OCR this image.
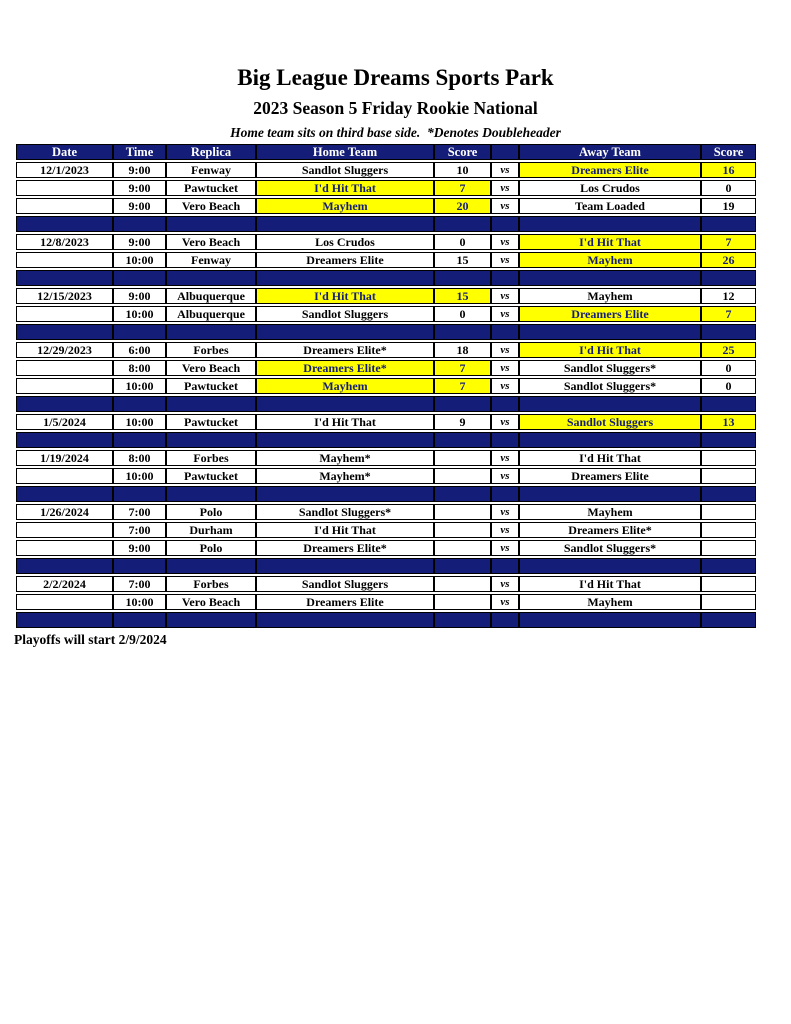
Big League Dreams Sports Park
2023 Season 5 Friday Rookie National
Home team sits on third base side.  *Denotes Doubleheader
Date	Time	Replica	Home Team	Score		Away Team	Score
12/1/2023	9:00	Fenway	Sandlot Sluggers	10	vs	Dreamers Elite	16
	9:00	Pawtucket	I'd Hit That	7	vs	Los Crudos	0
	9:00	Vero Beach	Mayhem	20	vs	Team Loaded	19

12/8/2023	9:00	Vero Beach	Los Crudos	0	vs	I'd Hit That	7
	10:00	Fenway	Dreamers Elite	15	vs	Mayhem	26

12/15/2023	9:00	Albuquerque	I'd Hit That	15	vs	Mayhem	12
	10:00	Albuquerque	Sandlot Sluggers	0	vs	Dreamers Elite	7

12/29/2023	6:00	Forbes	Dreamers Elite*	18	vs	I'd Hit That	25
	8:00	Vero Beach	Dreamers Elite*	7	vs	Sandlot Sluggers*	0
	10:00	Pawtucket	Mayhem	7	vs	Sandlot Sluggers*	0

1/5/2024	10:00	Pawtucket	I'd Hit That	9	vs	Sandlot Sluggers	13

1/19/2024	8:00	Forbes	Mayhem*		vs	I'd Hit That	
	10:00	Pawtucket	Mayhem*		vs	Dreamers Elite	

1/26/2024	7:00	Polo	Sandlot Sluggers*		vs	Mayhem	
	7:00	Durham	I'd Hit That		vs	Dreamers Elite*	
	9:00	Polo	Dreamers Elite*		vs	Sandlot Sluggers*	

2/2/2024	7:00	Forbes	Sandlot Sluggers		vs	I'd Hit That	
	10:00	Vero Beach	Dreamers Elite		vs	Mayhem	

Playoffs will start 2/9/2024
